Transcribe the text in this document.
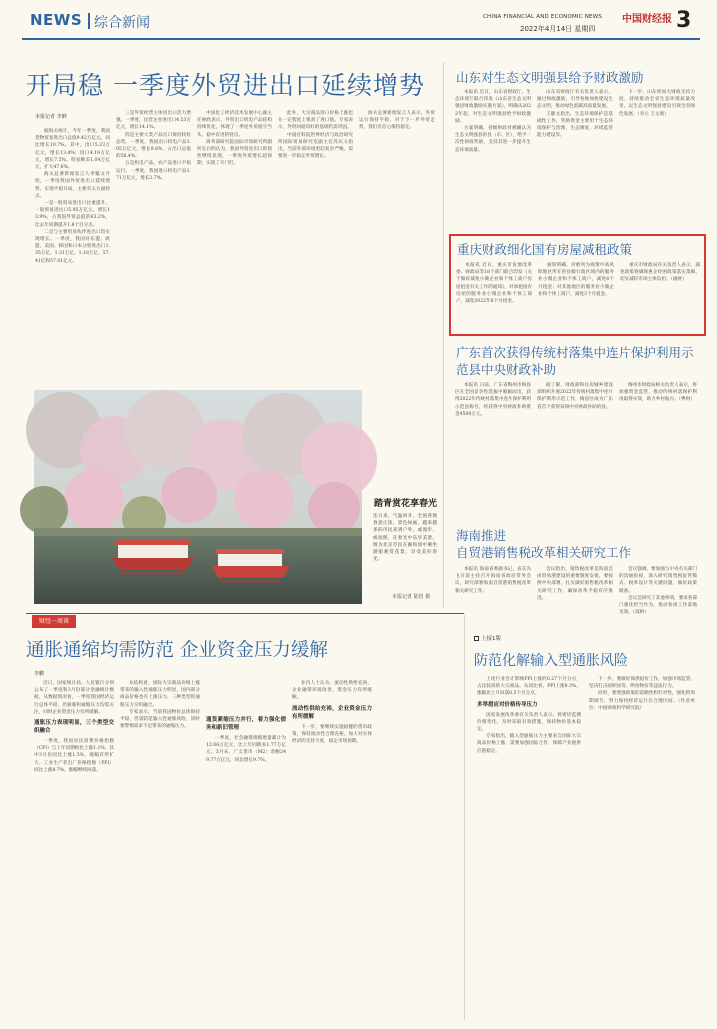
NEWS 综合新闻	CHINA FINANCIAL AND ECONOMIC NEWS 中国财经报 3
2022年4月14日 星期四
开局稳 一季度外贸进出口延续增势
本报记者 李俐

据海关统计，今年一季度，我国货物贸易进出口总值9.42万亿元，同比增长10.7%。其中，出口5.23万亿元，增长13.4%；进口4.19万亿元，增长7.5%。贸易顺差1.04万亿元，扩大47.6%。

海关总署新闻发言人李魁文介绍，一季度我国外贸进出口延续增势，实现平稳开局，主要有五方面特点。

一是一般贸易进出口比重提升。一般贸易进出口5.95万亿元，增长13.9%，占我国外贸总值的63.2%，比去年同期提升1.8个百分点。

二是与主要贸易伙伴进出口均实现增长。一季度，我国对东盟、欧盟、美国、韩国和日本分别进出口1.35万亿、1.31万亿、1.18万亿、57.41亿和57.01亿元。

三是外贸经营主体进出口活力增强。一季度，民营企业进出口4.53万亿元，增长14.1%。

四是主要大类产品出口保持较好态势。一季度，我国出口机电产品3.05万亿元，增长9.8%，占出口总值的58.4%。

五是机电产品、农产品进口平稳运行。一季度，我国进口机电产品1.71万亿元，增长2.7%。

中国化工经济技术发展中心副主任林欣表示，外贸出口机电产品结构持续优化，体现了一季度外贸稳字当头、稳中有进的特点。

商务部研究院国际市场研究所副所长白明认为，我国外贸进出口的韧性继续显现，一季度外贸增长超预期，实现了开门红。

此外，大宗商品进口价格上涨也在一定程度上推高了进口值。专家表示，外贸回稳向好的基础仍需巩固。

中国社科院世界经济与政治研究所国际贸易研究室副主任苏庆义指出，当前外部环境更趋复杂严峻，需要进一步稳定外贸增长。

海关总署新闻发言人表示，外贸运行保持平稳，对于下一步外贸走势，我们有信心保持稳定。

踏青赏花享春光
连日来，气温回升，全国各地春意正浓、景色如画，越来越多的市民来到户外，或漫步、或拍照，在春光中乐享美景。图为北京市民在颐和园中乘坐游船观赏花景，享受美好春光。
本报记者 陆悟 摄
山东对生态文明强县给予财政激励

本报讯 近日，山东省财政厅、生态环境厅联合印发《山东省生态文明强县财政激励实施方案》，明确从2022年起，对生态文明强县给予财政激励。

方案明确，省级财政对被确认为生态文明强县的县（市、区），给予一次性财政奖励，支持其进一步提升生态环境质量。

山东省财政厅有关负责人表示，通过财政激励，引导各地加快建设生态文明，推动绿色低碳高质量发展。

王静文指出，生态环境保护是基础性工作，奖励资金主要用于生态环境保护与治理、生态修复、环境监管能力建设等。

下一步，山东将加大财政支持力度，持续推动全省生态环境质量改善，以生态文明强县建设引领全省绿色发展。（李元 王文康）

重庆财政细化国有房屋减租政策

本报讯 近日，重庆市发展改革委、财政局等18个部门联合印发《关于做好减免小微企业和个体工商户房屋租金有关工作的通知》，对承租国有房屋的服务业小微企业和个体工商户，减免2022年6个月租金。

通知明确，对被列为疫情中高风险地区所在的县级行政区域内的服务业小微企业和个体工商户，减免6个月租金；对其他地区的服务业小微企业和个体工商户，减免3个月租金。

重庆市财政局有关负责人表示，减免政策将确保惠企纾困政策落实落细，切实减轻市场主体负担。（渝财）

广东首次获得传统村落集中连片保护利用示范县中央财政补助

本报讯 日前，广东省梅州市梅县区在全国竞争性选拔中脱颖而出，获得2022年传统村落集中连片保护利用示范县称号，将获得中央财政补助资金4500万元。

据了解，财政部和住房城乡建设部组织开展2022年传统村落集中连片保护利用示范工作，梅县区成为广东省首个获得该项中央财政补助的县。

梅州市财政局相关负责人表示，将加强资金监管，推动传统村落保护利用取得实效，助力乡村振兴。（粤财）

海南推进
自贸港销售税改革相关研究工作

本报讯 海南省委副书记、省长冯飞日前主持召开海南省政府常务会议，研究部署海南自贸港销售税改革相关研究工作。

会议指出，销售税改革是海南自由贸易港建设的重要制度安排，要按照中央部署，扎实做好销售税改革相关研究工作，确保改革平稳有序推进。

会议强调，要加强与中央有关部门的沟通衔接，深入研究销售税征管模式、税率设计等关键问题，做好政策储备。

会议还研究了其他事项，要求各部门强化担当作为，推动各项工作落地见效。（琼财）

财经一周谈
通胀通缩均需防范 企业资金压力缓解
李鹏

近日，国家统计局、人民银行分别公布了一季度和3月份部分金融统计数据。从数据情况看，一季度我国经济运行总体平稳，但通胀和通缩压力均需关注，同时企业资金压力有所缓解。

通胀压力表现明显，三个类型交织融合

一季度，我国居民消费价格指数（CPI）与上年同期相比上涨1.1%，其中3月份同比上涨1.5%，涨幅有所扩大。工业生产者出厂价格指数（PPI）同比上涨8.7%，涨幅继续回落。

从结构看，国际大宗商品价格上涨带来的输入性通胀压力明显，国内部分商品价格也有上涨压力，三种类型的通胀压力交织融合。

专家表示，当前我国物价总体保持平稳，但需防范输入性通胀风险，同时要警惕需求不足带来的通缩压力。

通货紧缩压力并行，着力强化债务和新旧管理

一季度，社会融资规模增量累计为12.06万亿元，比上年同期多1.77万亿元。3月末，广义货币（M2）余额249.77万亿元，同比增长9.7%。

业内人士认为，流动性供给充裕，企业融资环境改善，资金压力有所缓解。

流动性供给充裕，企业资金压力有所缓解

下一步，要继续实施稳健的货币政策，保持流动性合理充裕，加大对实体经济的支持力度，稳定市场预期。

上接1版
防范化解输入型通胀风险

上述行业会计影响PPI上涨约0.27个百分点，占比较高的大宗商品。从同比看，PPI上涨8.3%，涨幅比上月回落0.5个百分点。

多举措应对价格传导压力

国家发展改革委有关负责人表示，将密切监测价格变化，及时采取有效措施，保持物价基本稳定。

专家指出，输入型通胀压力主要来自国际大宗商品价格上涨，需要加强国际合作，保障产业链供应链稳定。

下一步，要做好保供稳价工作，加强市场监管，坚决打击囤积居奇、哄抬物价等违法行为。

同时，要增强政策的前瞻性和针对性，强化跨周期调节，努力保持经济运行在合理区间。（作者单位：中国财政科学研究院）
